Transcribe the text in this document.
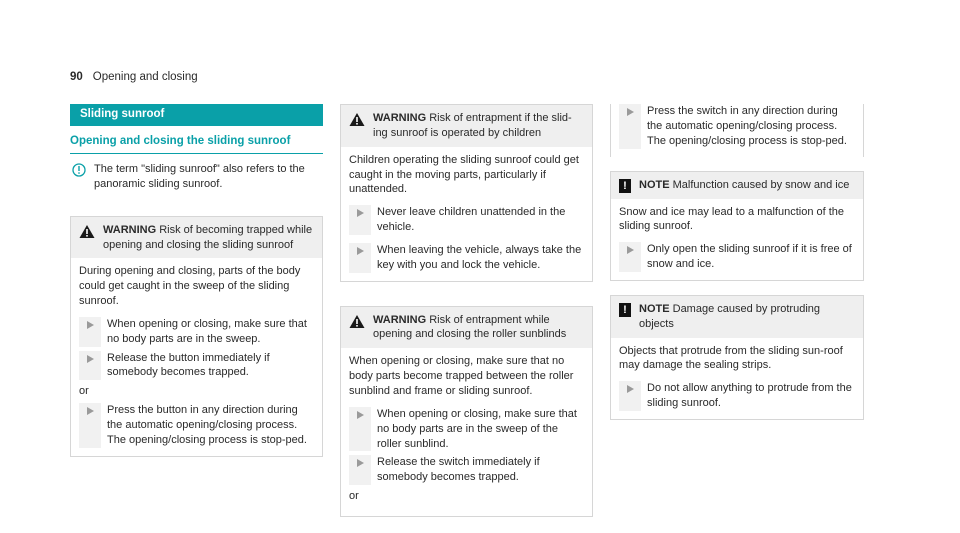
90 Opening and closing
Sliding sunroof
Opening and closing the sliding sunroof
The term "sliding sunroof" also refers to the panoramic sliding sunroof.
WARNING Risk of becoming trapped while opening and closing the sliding sunroof
During opening and closing, parts of the body could get caught in the sweep of the sliding sunroof.
When opening or closing, make sure that no body parts are in the sweep.
Release the button immediately if somebody becomes trapped.
or
Press the button in any direction during the automatic opening/closing process. The opening/closing process is stop-ped.
WARNING Risk of entrapment if the slid-ing sunroof is operated by children
Children operating the sliding sunroof could get caught in the moving parts, particularly if unattended.
Never leave children unattended in the vehicle.
When leaving the vehicle, always take the key with you and lock the vehicle.
WARNING Risk of entrapment while opening and closing the roller sunblinds
When opening or closing, make sure that no body parts become trapped between the roller sunblind and frame or sliding sunroof.
When opening or closing, make sure that no body parts are in the sweep of the roller sunblind.
Release the switch immediately if somebody becomes trapped.
or
Press the switch in any direction during the automatic opening/closing process. The opening/closing process is stop-ped.
!	NOTE Malfunction caused by snow and ice
Snow and ice may lead to a malfunction of the sliding sunroof.
Only open the sliding sunroof if it is free of snow and ice.
!	NOTE Damage caused by protruding objects
Objects that protrude from the sliding sun-roof may damage the sealing strips.
Do not allow anything to protrude from the sliding sunroof.
